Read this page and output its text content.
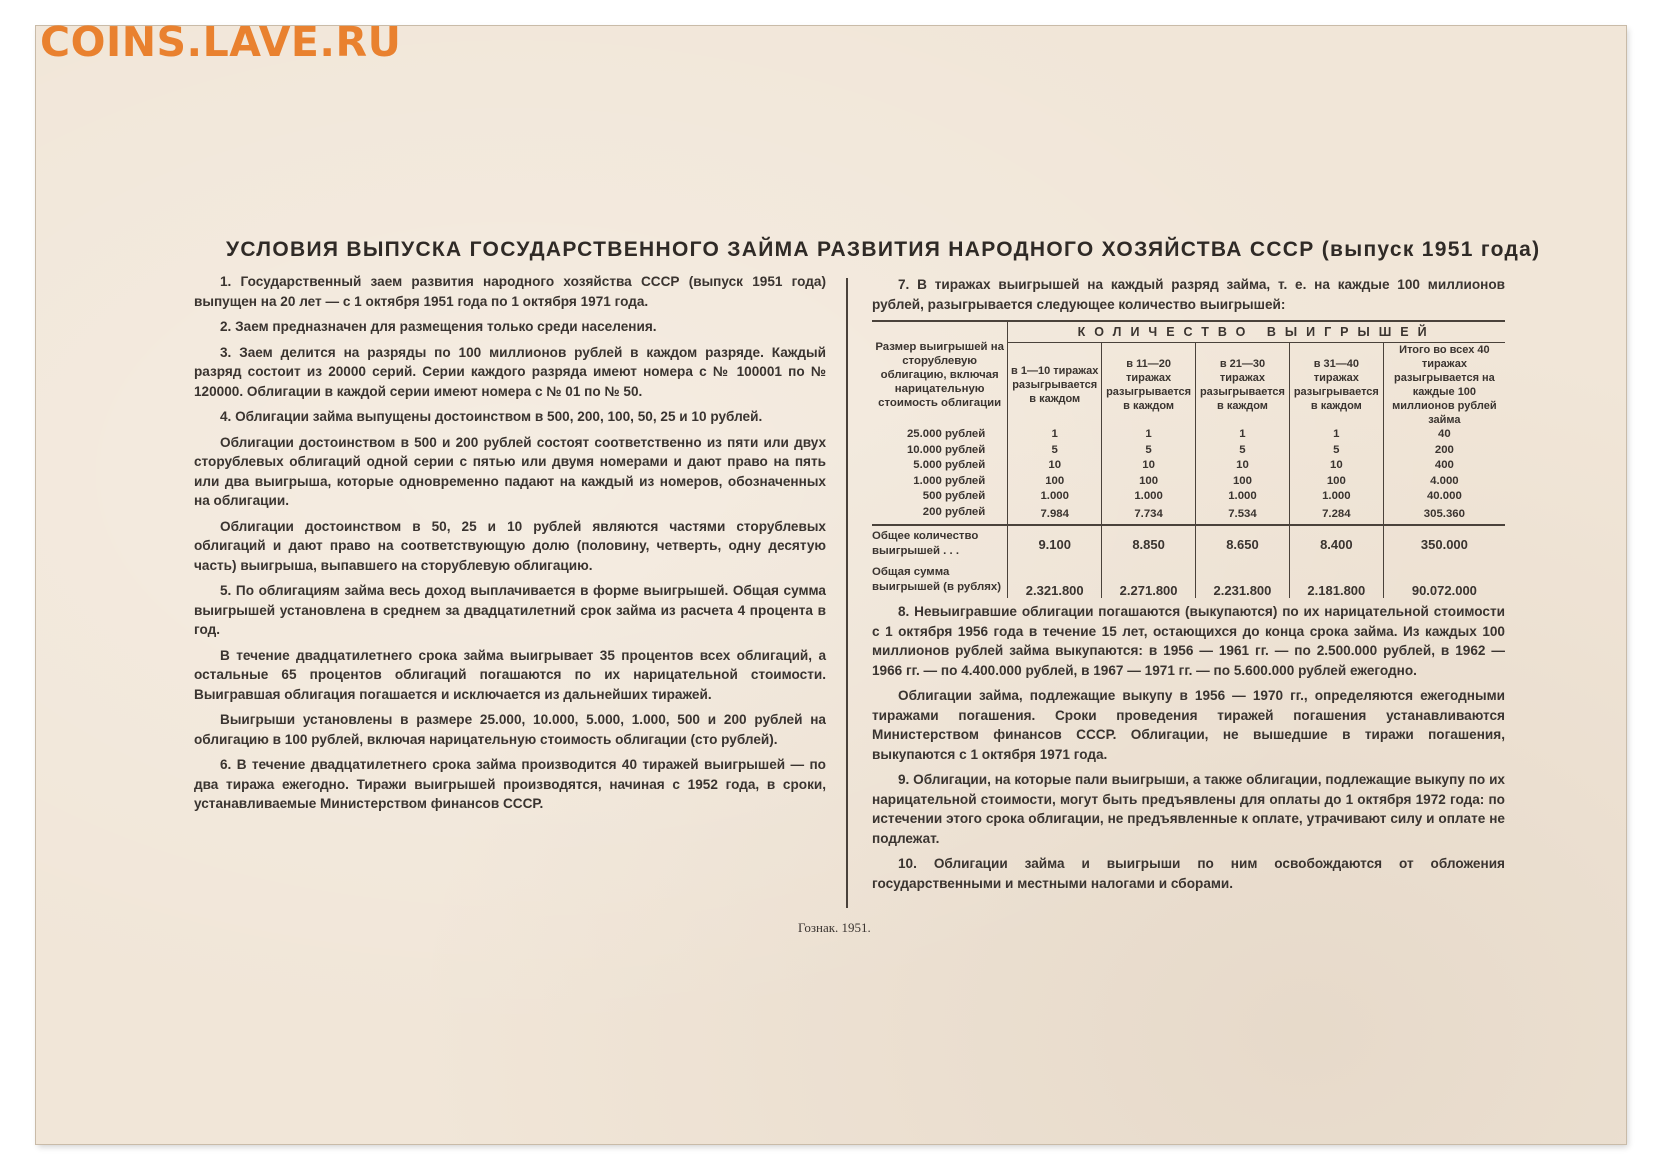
COINS.LAVE.RU
УСЛОВИЯ ВЫПУСКА ГОСУДАРСТВЕННОГО ЗАЙМА РАЗВИТИЯ НАРОДНОГО ХОЗЯЙСТВА СССР (выпуск 1951 года)

1. Государственный заем развития народного хозяйства СССР (выпуск 1951 года) выпущен на 20 лет — с 1 октября 1951 года по 1 октября 1971 года.

2. Заем предназначен для размещения только среди населения.

3. Заем делится на разряды по 100 миллионов рублей в каждом разряде. Каждый разряд состоит из 20000 серий. Серии каждого разряда имеют номера с № 100001 по № 120000. Облигации в каждой серии имеют номера с № 01 по № 50.

4. Облигации займа выпущены достоинством в 500, 200, 100, 50, 25 и 10 рублей.

Облигации достоинством в 500 и 200 рублей состоят соответственно из пяти или двух сторублевых облигаций одной серии с пятью или двумя номерами и дают право на пять или два выигрыша, которые одновременно падают на каждый из номеров, обозначенных на облигации.

Облигации достоинством в 50, 25 и 10 рублей являются частями сторублевых облигаций и дают право на соответствующую долю (половину, четверть, одну десятую часть) выигрыша, выпавшего на сторублевую облигацию.

5. По облигациям займа весь доход выплачивается в форме выигрышей. Общая сумма выигрышей установлена в среднем за двадцатилетний срок займа из расчета 4 процента в год.

В течение двадцатилетнего срока займа выигрывает 35 процентов всех облигаций, а остальные 65 процентов облигаций погашаются по их нарицательной стоимости. Выигравшая облигация погашается и исключается из дальнейших тиражей.

Выигрыши установлены в размере 25.000, 10.000, 5.000, 1.000, 500 и 200 рублей на облигацию в 100 рублей, включая нарицательную стоимость облигации (сто рублей).

6. В течение двадцатилетнего срока займа производится 40 тиражей выигрышей — по два тиража ежегодно. Тиражи выигрышей производятся, начиная с 1952 года, в сроки, устанавливаемые Министерством финансов СССР.

7. В тиражах выигрышей на каждый разряд займа, т. е. на каждые 100 миллионов рублей, разыгрывается следующее количество выигрышей:

Размер выигрышей на сторублевую облигацию, включая нарицательную стоимость облигации	КОЛИЧЕСТВО ВЫИГРЫШЕЙ				
	в 1—10 тиражах разыгрывается в каждом	в 11—20 тиражах разыгрывается в каждом	в 21—30 тиражах разыгрывается в каждом	в 31—40 тиражах разыгрывается в каждом	Итого во всех 40 тиражах разыгрывается на каждые 100 миллионов рублей займа
25.000 рублей	1	1	1	1	40
10.000 рублей	5	5	5	5	200
5.000 рублей	10	10	10	10	400
1.000 рублей	100	100	100	100	4.000
500 рублей	1.000	1.000	1.000	1.000	40.000
200 рублей	7.984	7.734	7.534	7.284	305.360
Общее количество выигрышей . . .	9.100	8.850	8.650	8.400	350.000
Общая сумма выигрышей (в рублях)	2.321.800	2.271.800	2.231.800	2.181.800	90.072.000

8. Невыигравшие облигации погашаются (выкупаются) по их нарицательной стоимости с 1 октября 1956 года в течение 15 лет, остающихся до конца срока займа. Из каждых 100 миллионов рублей займа выкупаются: в 1956 — 1961 гг. — по 2.500.000 рублей, в 1962 — 1966 гг. — по 4.400.000 рублей, в 1967 — 1971 гг. — по 5.600.000 рублей ежегодно.

Облигации займа, подлежащие выкупу в 1956 — 1970 гг., определяются ежегодными тиражами погашения. Сроки проведения тиражей погашения устанавливаются Министерством финансов СССР. Облигации, не вышедшие в тиражи погашения, выкупаются с 1 октября 1971 года.

9. Облигации, на которые пали выигрыши, а также облигации, подлежащие выкупу по их нарицательной стоимости, могут быть предъявлены для оплаты до 1 октября 1972 года: по истечении этого срока облигации, не предъявленные к оплате, утрачивают силу и оплате не подлежат.

10. Облигации займа и выигрыши по ним освобождаются от обложения государственными и местными налогами и сборами.

Гознак. 1951.
